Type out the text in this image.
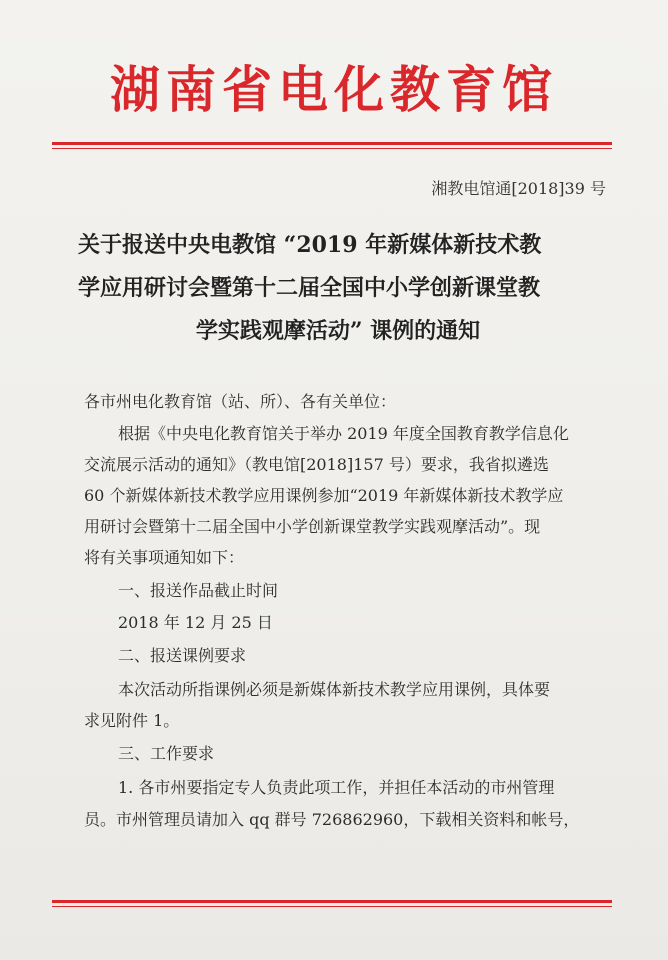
湖南省电化教育馆
湘教电馆通[2018]39 号
关于报送中央电教馆 “2019 年新媒体新技术教
学应用研讨会暨第十二届全国中小学创新课堂教
学实践观摩活动” 课例的通知
各市州电化教育馆（站、所）、各有关单位：
根据《中央电化教育馆关于举办 2019 年度全国教育教学信息化
交流展示活动的通知》（教电馆[2018]157 号）要求，我省拟遴选
60 个新媒体新技术教学应用课例参加“2019 年新媒体新技术教学应
用研讨会暨第十二届全国中小学创新课堂教学实践观摩活动”。现
将有关事项通知如下：
一、报送作品截止时间
2018 年 12 月 25 日
二、报送课例要求
本次活动所指课例必须是新媒体新技术教学应用课例，具体要
求见附件 1。
三、工作要求
1. 各市州要指定专人负责此项工作，并担任本活动的市州管理
员。市州管理员请加入 qq 群号 726862960，下载相关资料和帐号，
